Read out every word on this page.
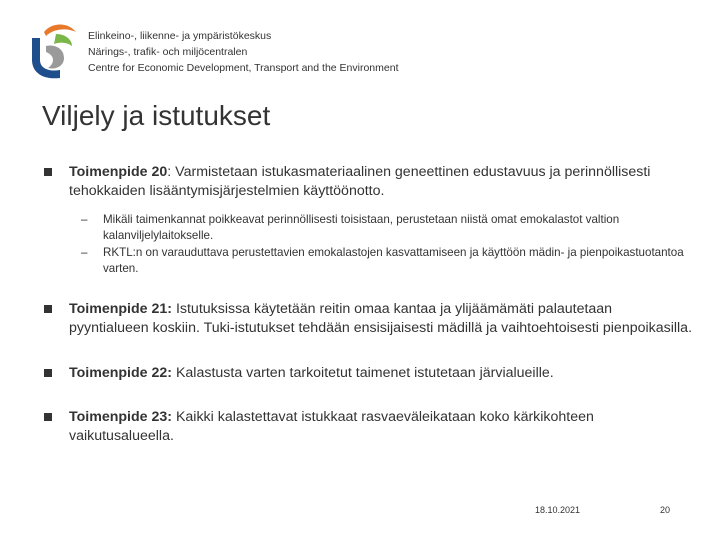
Elinkeino-, liikenne- ja ympäristökeskus
Närings-, trafik- och miljöcentralen
Centre for Economic Development, Transport and the Environment
Viljely ja istutukset
Toimenpide 20: Varmistetaan istukasmateriaalinen geneettinen edustavuus ja perinnöllisesti tehokkaiden lisääntymisjärjestelmien käyttöönotto.
– Mikäli taimenkannat poikkeavat perinnöllisesti toisistaan, perustetaan niistä omat emokalastot valtion kalanviljelylaitokselle.
– RKTL:n on varauduttava perustettavien emokalastojen kasvattamiseen ja käyttöön mädin- ja pienpoikastuotantoa varten.
Toimenpide 21: Istutuksissa käytetään reitin omaa kantaa ja ylijäämämäti palautetaan pyyntialueen koskiin. Tuki-istutukset tehdään ensisijaisesti mädillä ja vaihtoehtoisesti pienpoikasilla.
Toimenpide 22: Kalastusta varten tarkoitetut taimenet istutetaan järvialueille.
Toimenpide 23: Kaikki kalastettavat istukkaat rasvaeväleikataan koko kärkikohteen vaikutusalueella.
18.10.2021	20
